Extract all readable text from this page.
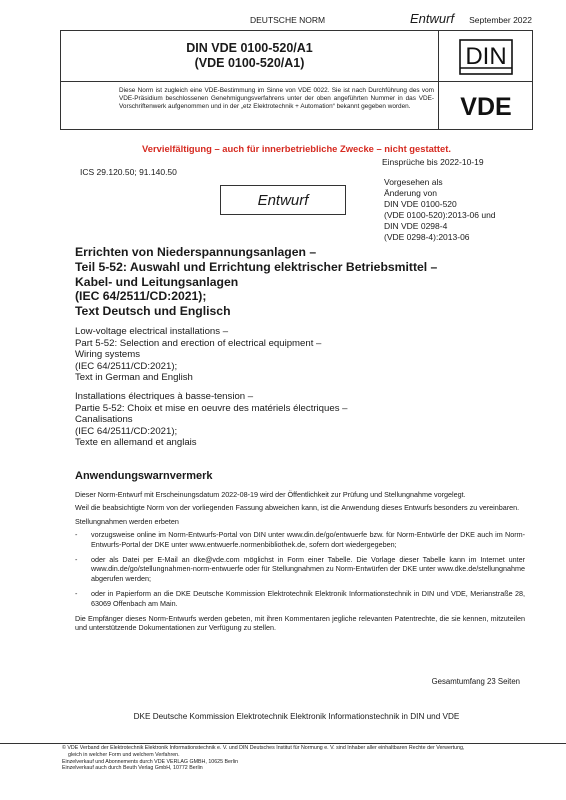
DEUTSCHE NORM	Entwurf September 2022
DIN VDE 0100-520/A1
(VDE 0100-520/A1)	DIN
VDE
Diese Norm ist zugleich eine VDE-Bestimmung im Sinne von VDE 0022. Sie ist nach Durchführung des vom VDE-Präsidium beschlossenen Genehmigungsverfahrens unter der oben angeführten Nummer in das VDE-Vorschriftenwerk aufgenommen und in der „etz Elektrotechnik + Automation“ bekannt gegeben worden.
Vervielfältigung – auch für innerbetriebliche Zwecke – nicht gestattet.
Einsprüche bis 2022-10-19
ICS 29.120.50; 91.140.50
Vorgesehen als
Änderung von
DIN VDE 0100-520
(VDE 0100-520):2013-06 und
DIN VDE 0298-4
(VDE 0298-4):2013-06
Entwurf
Errichten von Niederspannungsanlagen –
Teil 5-52: Auswahl und Errichtung elektrischer Betriebsmittel –
Kabel- und Leitungsanlagen
(IEC 64/2511/CD:2021);
Text Deutsch und Englisch
Low-voltage electrical installations –
Part 5-52: Selection and erection of electrical equipment –
Wiring systems
(IEC 64/2511/CD:2021);
Text in German and English
Installations électriques à basse-tension –
Partie 5-52: Choix et mise en oeuvre des matériels électriques –
Canalisations
(IEC 64/2511/CD:2021);
Texte en allemand et anglais
Anwendungswarnvermerk

Dieser Norm-Entwurf mit Erscheinungsdatum 2022-08-19 wird der Öffentlichkeit zur Prüfung und Stellungnahme vorgelegt.

Weil die beabsichtigte Norm von der vorliegenden Fassung abweichen kann, ist die Anwendung dieses Entwurfs besonders zu vereinbaren.

Stellungnahmen werden erbeten

- vorzugsweise online im Norm-Entwurfs-Portal von DIN unter www.din.de/go/entwuerfe bzw. für Norm-Entwürfe der DKE auch im Norm-Entwurfs-Portal der DKE unter www.entwuerfe.normenbibliothek.de, sofern dort wiedergegeben;
- oder als Datei per E-Mail an dke@vde.com möglichst in Form einer Tabelle. Die Vorlage dieser Tabelle kann im Internet unter www.din.de/go/stellungnahmen-norm-entwuerfe oder für Stellungnahmen zu Norm-Entwürfen der DKE unter www.dke.de/stellungnahme abgerufen werden;
- oder in Papierform an die DKE Deutsche Kommission Elektrotechnik Elektronik Informationstechnik in DIN und VDE, Merianstraße 28, 63069 Offenbach am Main.

Die Empfänger dieses Norm-Entwurfs werden gebeten, mit ihren Kommentaren jegliche relevanten Patentrechte, die sie kennen, mitzuteilen und unterstützende Dokumentationen zur Verfügung zu stellen.

Gesamtumfang 23 Seiten
DKE Deutsche Kommission Elektrotechnik Elektronik Informationstechnik in DIN und VDE
© VDE Verband der Elektrotechnik Elektronik Informationstechnik e. V. und DIN Deutsches Institut für Normung e. V. sind Inhaber aller einhaltbaren Rechte der Verwertung,
gleich in welcher Form und welchem Verfahren.
Einzelverkauf und Abonnements durch VDE VERLAG GMBH, 10625 Berlin
Einzelverkauf auch durch Beuth Verlag GmbH, 10772 Berlin
